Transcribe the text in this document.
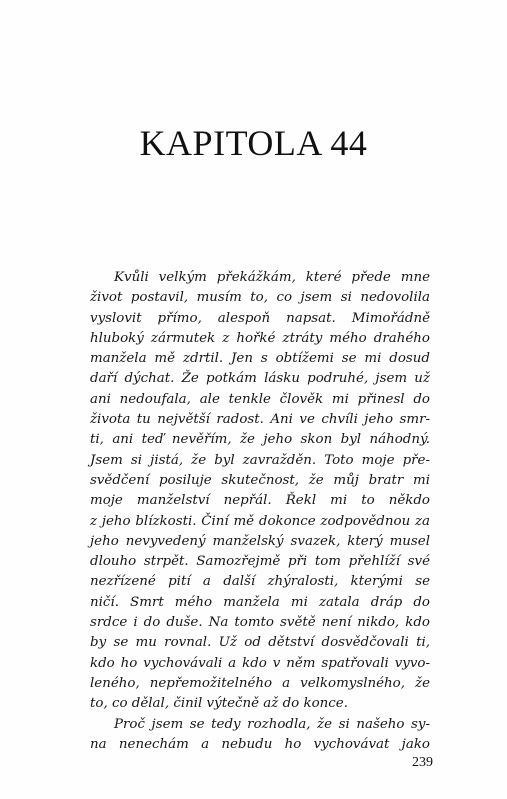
KAPITOLA 44
Kvůli velkým překážkám, které přede mne
život postavil, musím to, co jsem si nedovolila
vyslovit přímo, alespoň napsat. Mimořádně
hluboký zármutek z hořké ztráty mého drahého
manžela mě zdrtil. Jen s obtížemi se mi dosud
daří dýchat. Že potkám lásku podruhé, jsem už
ani nedoufala, ale tenkle člověk mi přinesl do
života tu největší radost. Ani ve chvíli jeho smr-
ti, ani teď nevěřím, že jeho skon byl náhodný.
Jsem si jistá, že byl zavražděn. Toto moje pře-
svědčení posiluje skutečnost, že můj bratr mi
moje manželství nepřál. Řekl mi to někdo
z jeho blízkosti. Činí mě dokonce zodpovědnou za
jeho nevyvedený manželský svazek, který musel
dlouho strpět. Samozřejmě při tom přehlíží své
nezřízené pití a další zhýralosti, kterými se
ničí. Smrt mého manžela mi zatala dráp do
srdce i do duše. Na tomto světě není nikdo, kdo
by se mu rovnal. Už od dětství dosvědčovali ti,
kdo ho vychovávali a kdo v něm spatřovali vyvo-
leného, nepřemožitelného a velkomyslného, že
to, co dělal, činil výtečně až do konce.
Proč jsem se tedy rozhodla, že si našeho sy-
na nenechám a nebudu ho vychovávat jako
239
